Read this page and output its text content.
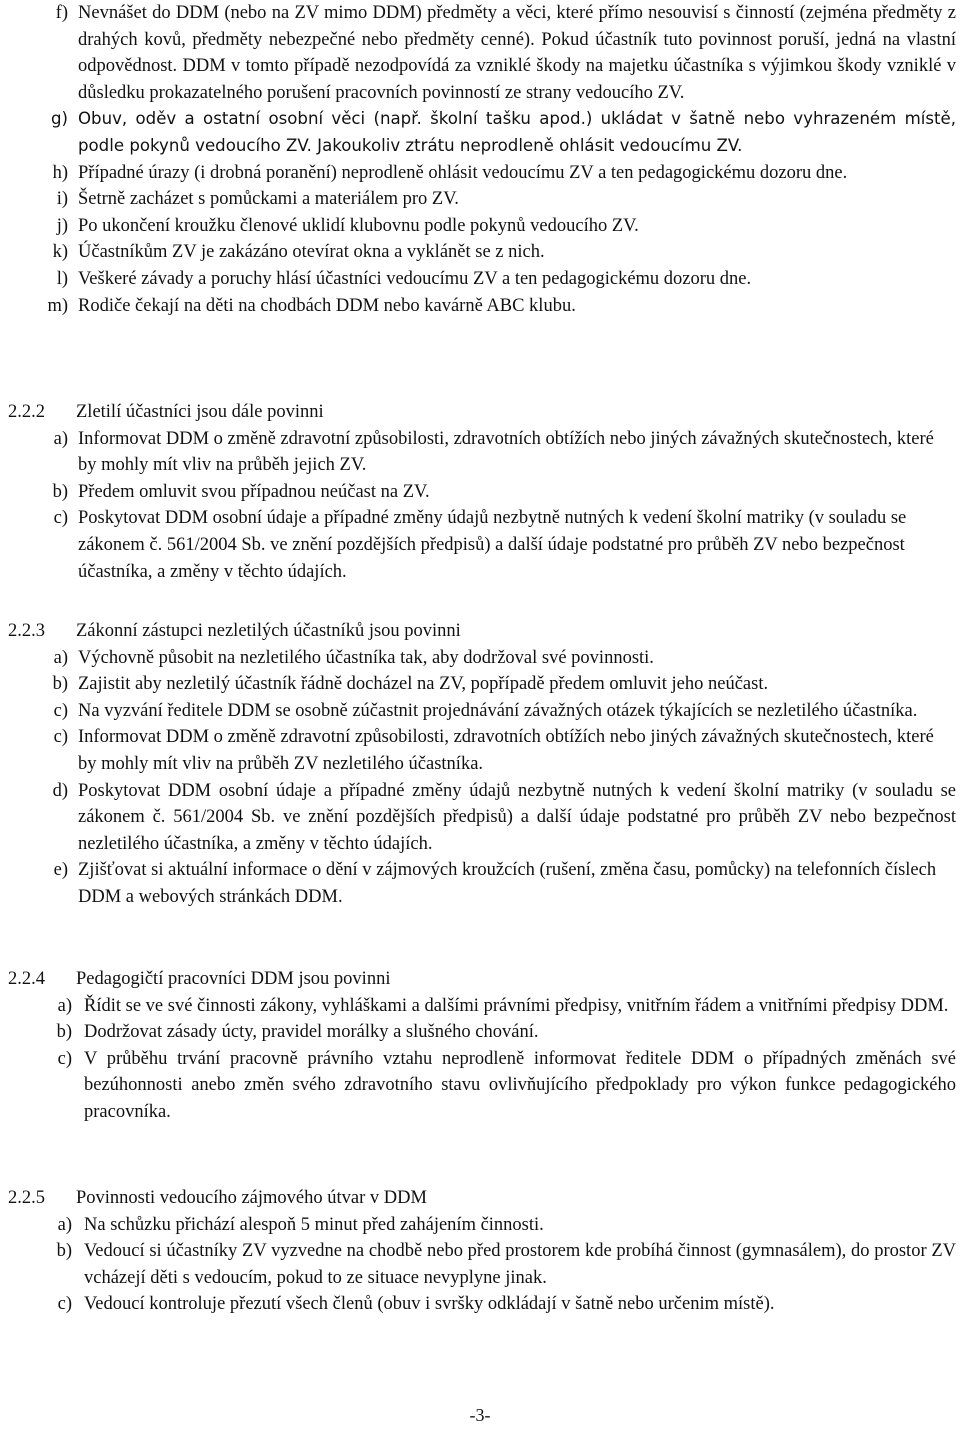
f) Nevnášet do DDM (nebo na ZV mimo DDM) předměty a věci, které přímo nesouvisí s činností (zejména předměty z drahých kovů, předměty nebezpečné nebo předměty cenné). Pokud účastník tuto povinnost poruší, jedná na vlastní odpovědnost. DDM v tomto případě nezodpovídá za vzniklé škody na majetku účastníka s výjimkou škody vzniklé v důsledku prokazatelného porušení pracovních povinností ze strany vedoucího ZV.
g) Obuv, oděv a ostatní osobní věci (např. školní tašku apod.) ukládat v šatně nebo vyhrazeném místě, podle pokynů vedoucího ZV. Jakoukoliv ztrátu neprodleně ohlásit vedoucímu ZV.
h) Případné úrazy (i drobná poranění) neprodleně ohlásit vedoucímu ZV a ten pedagogickému dozoru dne.
i) Šetrně zacházet s pomůckami a materiálem pro ZV.
j) Po ukončení kroužku členové uklidí klubovnu podle pokynů vedoucího ZV.
k) Účastníkům ZV je zakázáno otevírat okna a vyklánět se z nich.
l) Veškeré závady a poruchy hlásí účastníci vedoucímu ZV a ten pedagogickému dozoru dne.
m) Rodiče čekají na děti na chodbách DDM nebo kavárně ABC klubu.
2.2.2	Zletilí účastníci jsou dále povinni
a) Informovat DDM o změně zdravotní způsobilosti, zdravotních obtížích nebo jiných závažných skutečnostech, které by mohly mít vliv na průběh jejich ZV.
b) Předem omluvit svou případnou neúčast na ZV.
c) Poskytovat DDM osobní údaje a případné změny údajů nezbytně nutných k vedení školní matriky (v souladu se zákonem č. 561/2004 Sb. ve znění pozdějších předpisů) a další údaje podstatné pro průběh ZV nebo bezpečnost účastníka, a změny v těchto údajích.
2.2.3	Zákonní zástupci nezletilých účastníků jsou povinni
a) Výchovně působit na nezletilého účastníka tak, aby dodržoval své povinnosti.
b) Zajistit aby nezletilý účastník řádně docházel na ZV, popřípadě předem omluvit jeho neúčast.
c) Na vyzvání ředitele DDM se osobně zúčastnit projednávání závažných otázek týkajících se nezletilého účastníka.
c) Informovat DDM o změně zdravotní způsobilosti, zdravotních obtížích nebo jiných závažných skutečnostech, které by mohly mít vliv na průběh ZV nezletilého účastníka.
d) Poskytovat DDM osobní údaje a případné změny údajů nezbytně nutných k vedení školní matriky (v souladu se zákonem č. 561/2004 Sb. ve znění pozdějších předpisů) a další údaje podstatné pro průběh ZV nebo bezpečnost nezletilého účastníka, a změny v těchto údajích.
e) Zjišťovat si aktuální informace o dění v zájmových kroužcích (rušení, změna času, pomůcky) na telefonních číslech DDM a webových stránkách DDM.
2.2.4	Pedagogičtí pracovníci DDM jsou povinni
a) Řídit se ve své činnosti zákony, vyhláškami a dalšími právními předpisy, vnitřním řádem a vnitřními předpisy DDM.
b) Dodržovat zásady úcty, pravidel morálky a slušného chování.
c) V průběhu trvání pracovně právního vztahu neprodleně informovat ředitele DDM o případných změnách své bezúhonnosti anebo změn svého zdravotního stavu ovlivňujícího předpoklady pro výkon funkce pedagogického pracovníka.
2.2.5	Povinnosti vedoucího zájmového útvar v DDM
a) Na schůzku přichází alespoň 5 minut před zahájením činnosti.
b) Vedoucí si účastníky ZV vyzvedne na chodbě nebo před prostorem kde probíhá činnost (gymnasálem), do prostor ZV vcházejí děti s vedoucím, pokud to ze situace nevyplyne jinak.
c) Vedoucí kontroluje přezutí všech členů (obuv i svršky odkládají v šatně nebo určenim místě).
-3-
